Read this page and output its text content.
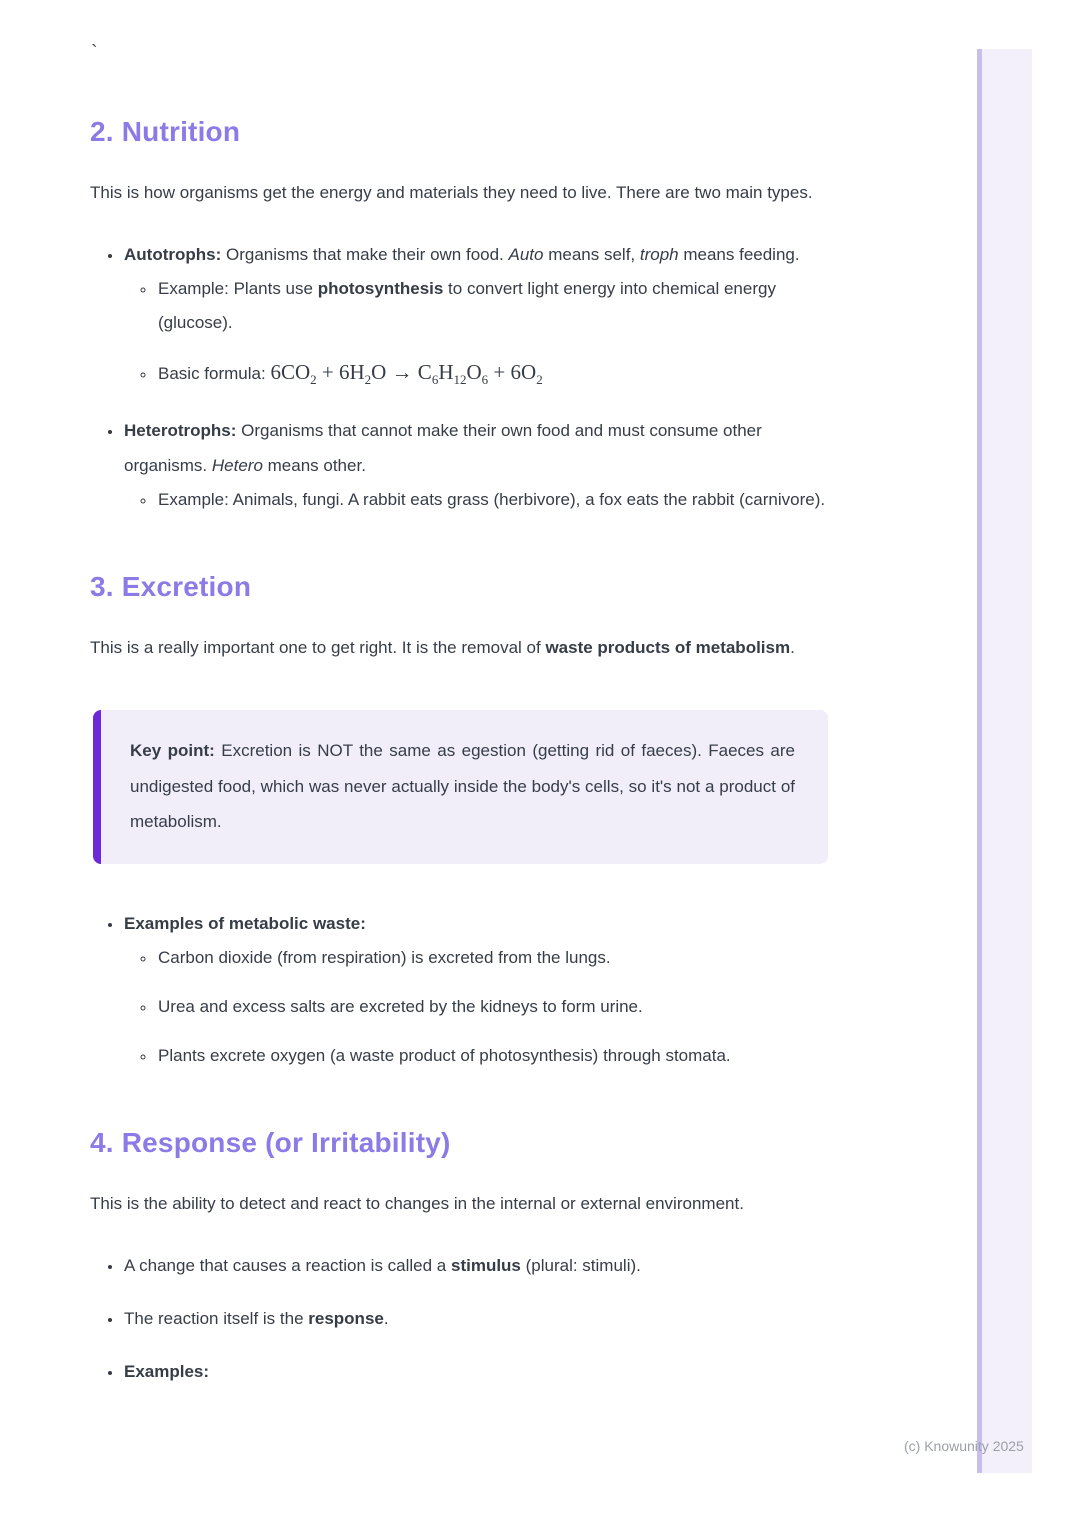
`
(c) Knowunity 2025
2. Nutrition

This is how organisms get the energy and materials they need to live. There are two main types.

• Autotrophs: Organisms that make their own food. Auto means self, troph means feeding.
◦ Example: Plants use photosynthesis to convert light energy into chemical energy (glucose).
◦ Basic formula: $6CO_2 + 6H_2O \to C_6H_{12}O_6 + 6O_2$
• Heterotrophs: Organisms that cannot make their own food and must consume other organisms. Hetero means other.
◦ Example: Animals, fungi. A rabbit eats grass (herbivore), a fox eats the rabbit (carnivore).
3. Excretion

This is a really important one to get right. It is the removal of waste products of metabolism.

Key point: Excretion is NOT the same as egestion (getting rid of faeces). Faeces are undigested food, which was never actually inside the body's cells, so it's not a product of metabolism.

• Examples of metabolic waste:
◦ Carbon dioxide (from respiration) is excreted from the lungs.
◦ Urea and excess salts are excreted by the kidneys to form urine.
◦ Plants excrete oxygen (a waste product of photosynthesis) through stomata.
4. Response (or Irritability)

This is the ability to detect and react to changes in the internal or external environment.

• A change that causes a reaction is called a stimulus (plural: stimuli).
• The reaction itself is the response.
• Examples:
